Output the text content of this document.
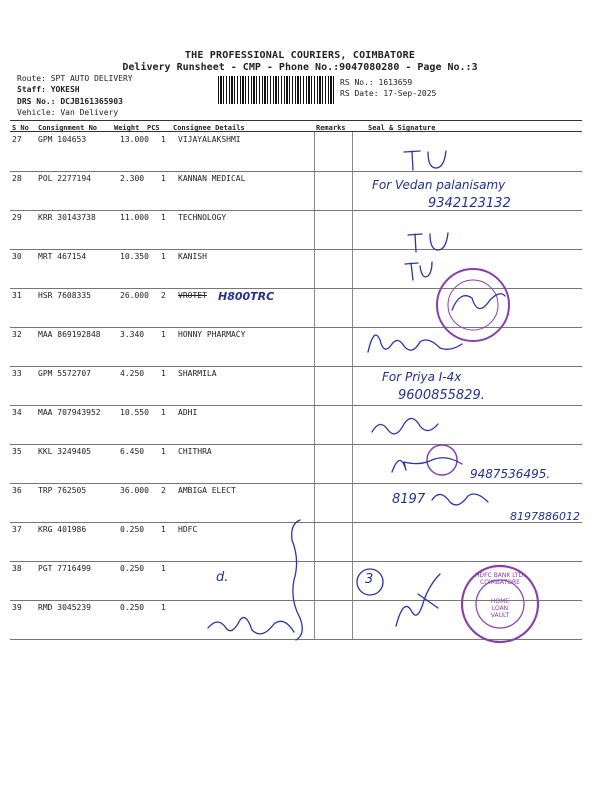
THE PROFESSIONAL COURIERS, COIMBATORE
Delivery Runsheet - CMP - Phone No.:9047080280 - Page No.:3
Route: SPT AUTO DELIVERY
Staff: YOKESH
DRS No.: DCJB161365903
Vehicle: Van Delivery
RS No.: 1613659
RS Date: 17-Sep-2025
S No Consignment No Weight PCS Consignee Details	Remarks	Seal & Signature
27 GPM 104653	13.000 1 VIJAYALAKSHMI
28 POL 2277194	2.300 1 KANNAN MEDICAL
29 KRR 30143738	11.000 1 TECHNOLOGY
30 MRT 467154	10.350 1 KANISH
31 HSR 7608335	26.000 2 VROTET
32 MAA 869192848 3.340 1 HONNY PHARMACY
33 GPM 5572707	4.250 1 SHARMILA
34 MAA 707943952 10.550 1 ADHI
35 KKL 3249405	6.450 1 CHITHRA
36 TRP 762505	36.000 2 AMBIGA ELECT
37 KRG 401986	0.250 1 HDFC
38 PGT 7716499	0.250 1
39 RMD 3045239	0.250 1
For Vedan palanisamy
9342123132
H800TRC
For Priya I-4x
9600855829.
9487536495.
8197
8197886012
3
d.	HDFC BANK LTD. COIMBATORE
HOME LOAN VAULT
